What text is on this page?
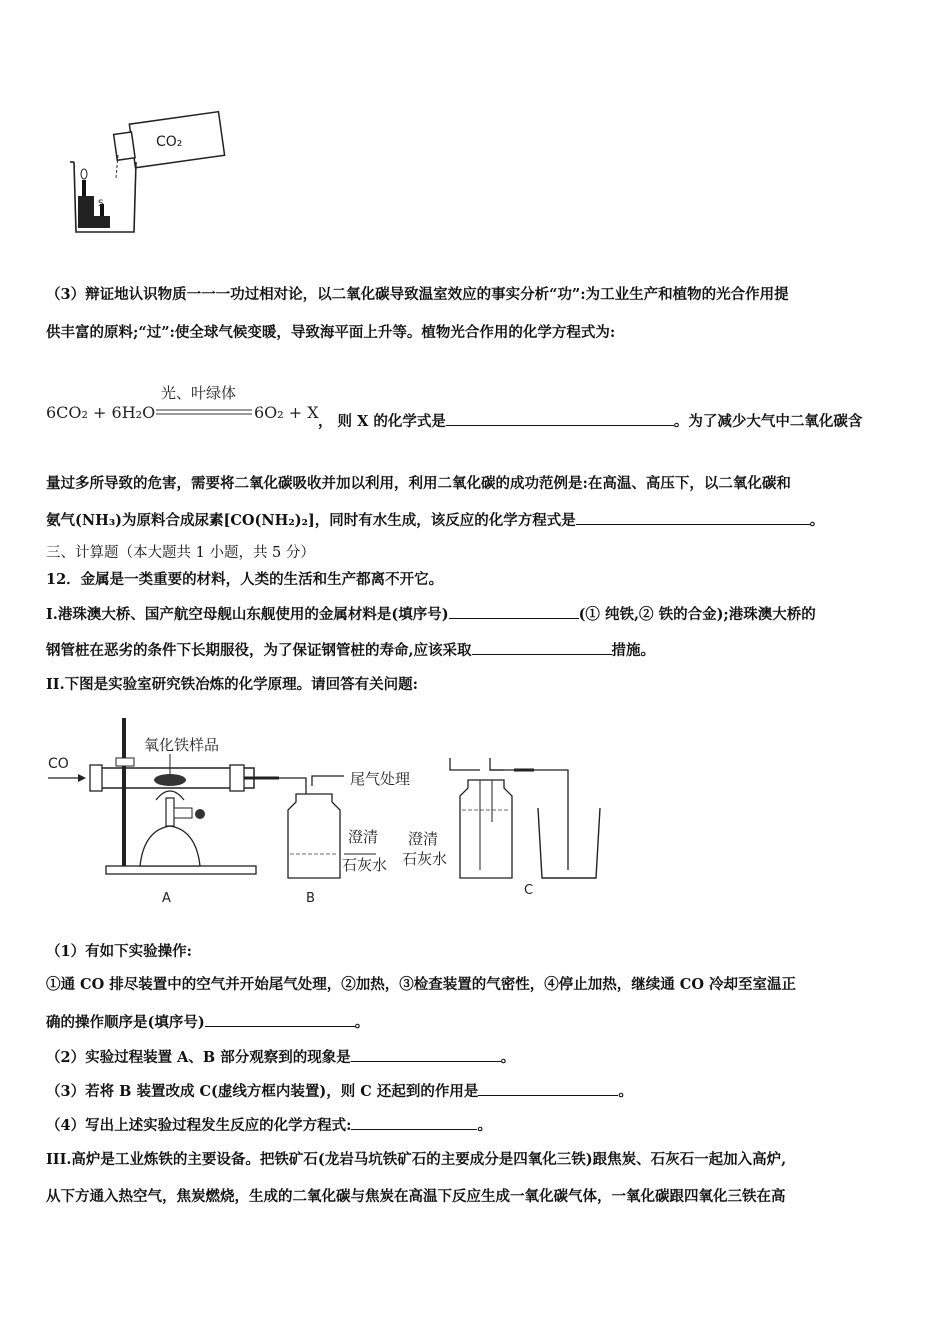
CO₂
S
（3）辩证地认识物质一一一功过相对论，以二氧化碳导致温室效应的事实分析“功”:为工业生产和植物的光合作用提
供丰富的原料;“过”:使全球气候变暖，导致海平面上升等。植物光合作用的化学方程式为:
6CO₂ + 6H₂O
光、叶绿体
6O₂ + X ， 则 X 的化学式是	。为了减少大气中二氧化碳含
量过多所导致的危害，需要将二氧化碳吸收并加以利用，利用二氧化碳的成功范例是:在高温、高压下，以二氧化碳和
氨气(NH₃)为原料合成尿素[CO(NH₂)₂]，同时有水生成，该反应的化学方程式是	。
三、计算题（本大题共 1 小题，共 5 分）
12．金属是一类重要的材料，人类的生活和生产都离不开它。
I.港珠澳大桥、国产航空母舰山东舰使用的金属材料是(填序号)	(① 纯铁,② 铁的合金);港珠澳大桥的
钢管桩在恶劣的条件下长期服役，为了保证钢管桩的寿命,应该采取	措施。
II.下图是实验室研究铁冶炼的化学原理。请回答有关问题:
CO
氧化铁样品
尾气处理
澄清
石灰水
澄清
石灰水
A	B
C
（1）有如下实验操作:
①通 CO 排尽装置中的空气并开始尾气处理，②加热，③检查装置的气密性，④停止加热，继续通 CO 冷却至室温正
确的操作顺序是(填序号)	。
（2）实验过程装置 A、B 部分观察到的现象是	。
（3）若将 B 装置改成 C(虚线方框内装置)，则 C 还起到的作用是	。
（4）写出上述实验过程发生反应的化学方程式:	。
III.高炉是工业炼铁的主要设备。把铁矿石(龙岩马坑铁矿石的主要成分是四氧化三铁)跟焦炭、石灰石一起加入高炉,
从下方通入热空气，焦炭燃烧，生成的二氧化碳与焦炭在高温下反应生成一氧化碳气体，一氧化碳跟四氧化三铁在高
